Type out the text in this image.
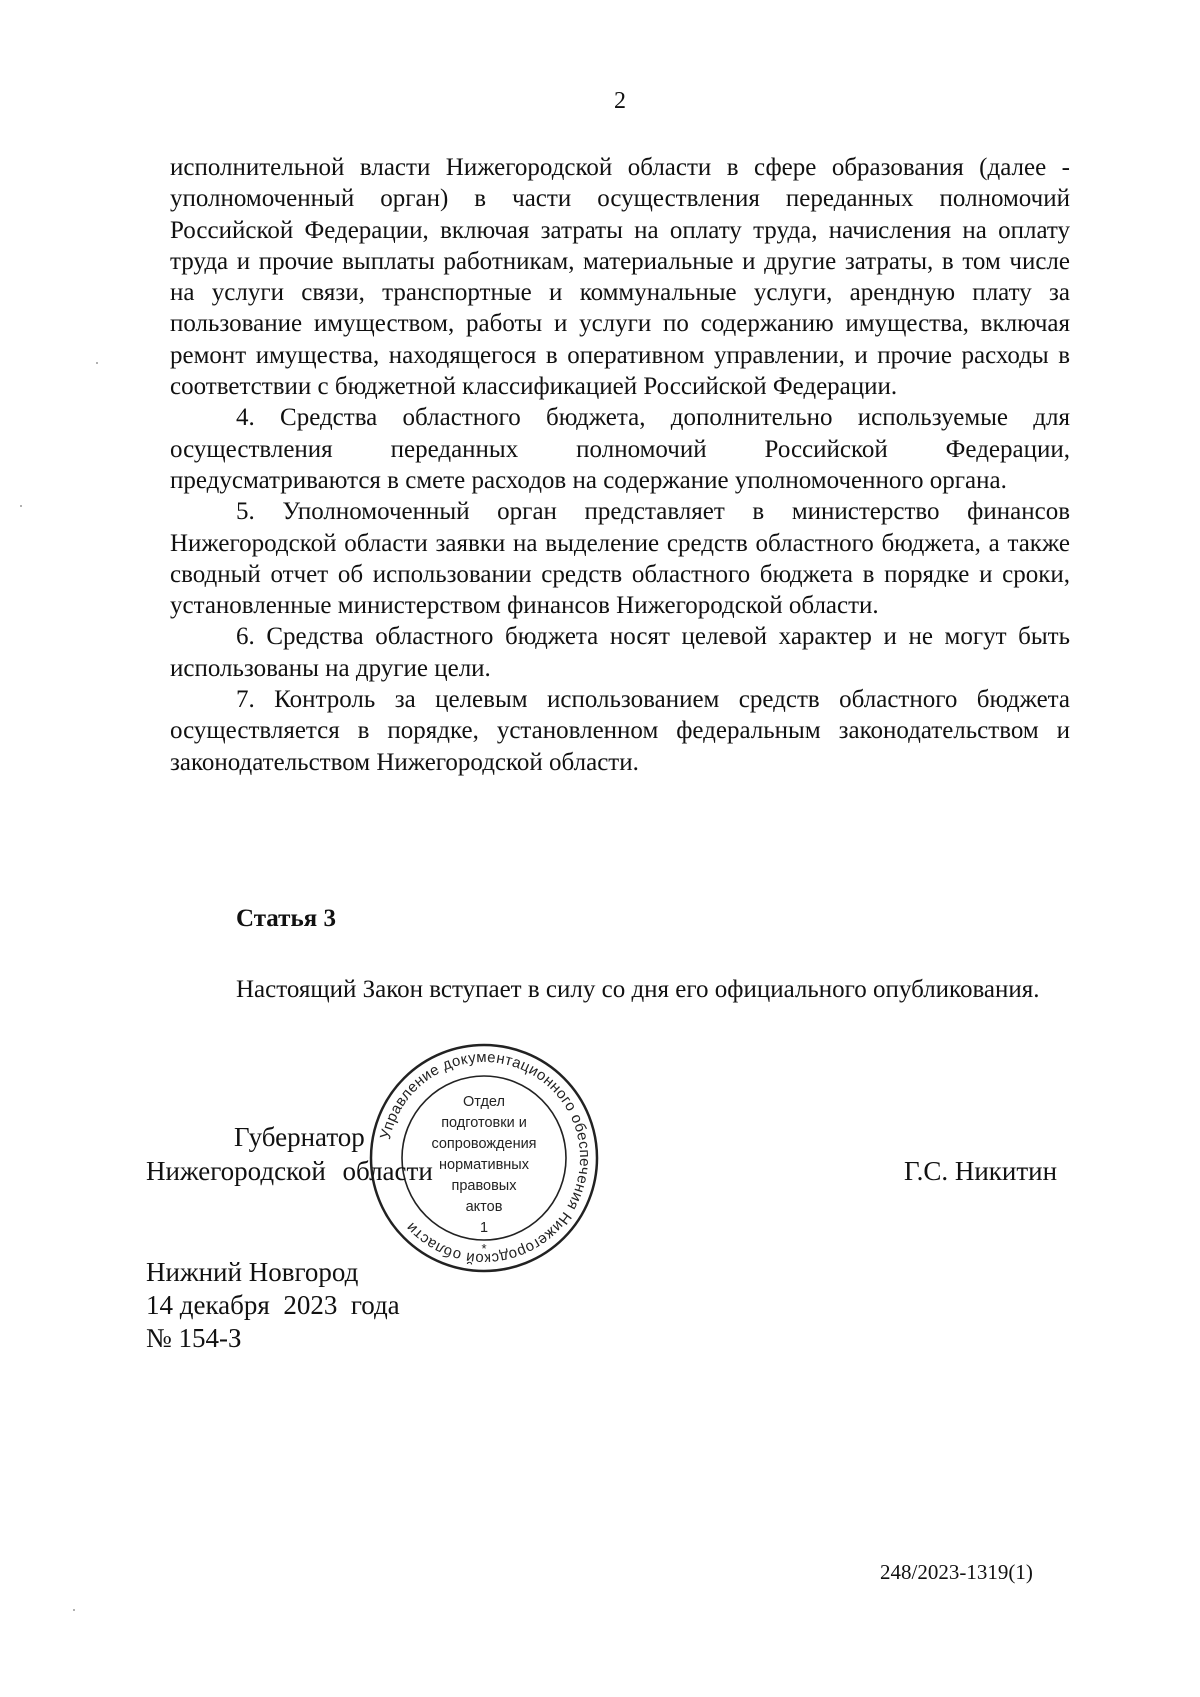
2

исполнительной власти Нижегородской области в сфере образования (далее - уполномоченный орган) в части осуществления переданных полномочий Российской Федерации, включая затраты на оплату труда, начисления на оплату труда и прочие выплаты работникам, материальные и другие затраты, в том числе на услуги связи, транспортные и коммунальные услуги, арендную плату за пользование имуществом, работы и услуги по содержанию имущества, включая ремонт имущества, находящегося в оперативном управлении, и прочие расходы в соответствии с бюджетной классификацией Российской Федерации.

4. Средства областного бюджета, дополнительно используемые для осуществления переданных полномочий Российской Федерации, предусматриваются в смете расходов на содержание уполномоченного органа.

5. Уполномоченный орган представляет в министерство финансов Нижегородской области заявки на выделение средств областного бюджета, а также сводный отчет об использовании средств областного бюджета в порядке и сроки, установленные министерством финансов Нижегородской области.

6. Средства областного бюджета носят целевой характер и не могут быть использованы на другие цели.

7. Контроль за целевым использованием средств областного бюджета осуществляется в порядке, установленном федеральным законодательством и законодательством Нижегородской области.

Статья 3

Настоящий Закон вступает в силу со дня его официального опубликования.

Управление документационного обеспечения Нижегородской области
Отдел
подготовки и
сопровождения
нормативных
правовых
актов
1
*
Губернатор
Нижегородской области	Г.С. Никитин
Нижний Новгород
14 декабря  2023  года
№ 154-З
248/2023-1319(1)
